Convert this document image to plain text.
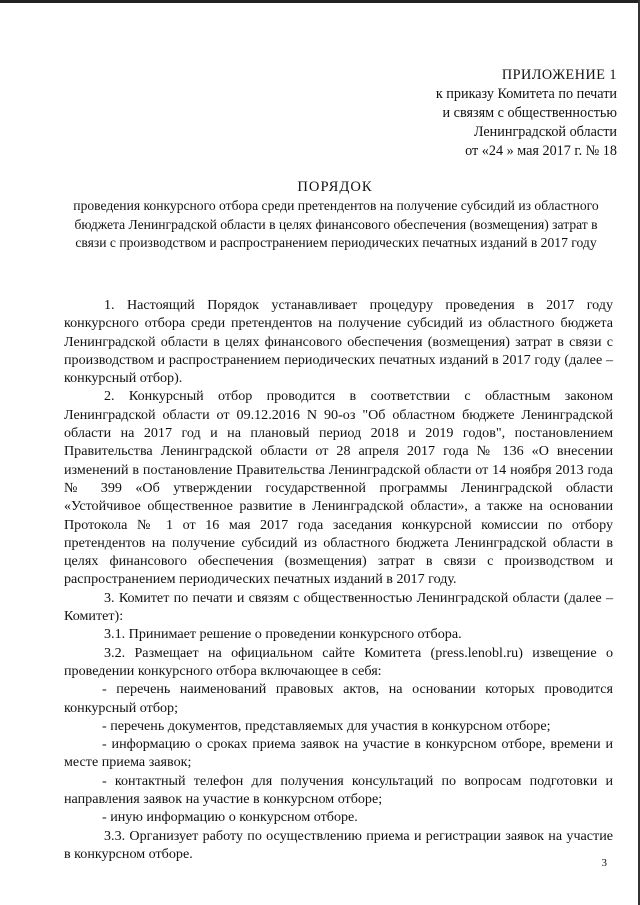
ПРИЛОЖЕНИЕ 1
к приказу Комитета по печати
и связям с общественностью
Ленинградской области
от «24 » мая 2017 г. № 18
ПОРЯДОК
проведения конкурсного отбора среди претендентов на получение субсидий из областного бюджета Ленинградской области в целях финансового обеспечения (возмещения) затрат в связи с производством и распространением периодических печатных изданий в 2017 году

1. Настоящий Порядок устанавливает процедуру проведения в 2017 году конкурсного отбора среди претендентов на получение субсидий из областного бюджета Ленинградской области в целях финансового обеспечения (возмещения) затрат в связи с производством и распространением периодических печатных изданий в 2017 году (далее – конкурсный отбор).

2. Конкурсный отбор проводится в соответствии с областным законом Ленинградской области от 09.12.2016 N 90-оз "Об областном бюджете Ленинградской области на 2017 год и на плановый период 2018 и 2019 годов", постановлением Правительства Ленинградской области от 28 апреля 2017 года № 136 «О внесении изменений в постановление Правительства Ленинградской области от 14 ноября 2013 года № 399 «Об утверждении государственной программы Ленинградской области «Устойчивое общественное развитие в Ленинградской области», а также на основании Протокола № 1 от 16 мая 2017 года заседания конкурсной комиссии по отбору претендентов на получение субсидий из областного бюджета Ленинградской области в целях финансового обеспечения (возмещения) затрат в связи с производством и распространением периодических печатных изданий в 2017 году.

3. Комитет по печати и связям с общественностью Ленинградской области (далее – Комитет):

3.1. Принимает решение о проведении конкурсного отбора.

3.2. Размещает на официальном сайте Комитета (press.lenobl.ru) извещение о проведении конкурсного отбора включающее в себя:

- перечень наименований правовых актов, на основании которых проводится конкурсный отбор;

- перечень документов, представляемых для участия в конкурсном отборе;

- информацию о сроках приема заявок на участие в конкурсном отборе, времени и месте приема заявок;

- контактный телефон для получения консультаций по вопросам подготовки и направления заявок на участие в конкурсном отборе;

- иную информацию о конкурсном отборе.

3.3. Организует работу по осуществлению приема и регистрации заявок на участие в конкурсном отборе.

3
